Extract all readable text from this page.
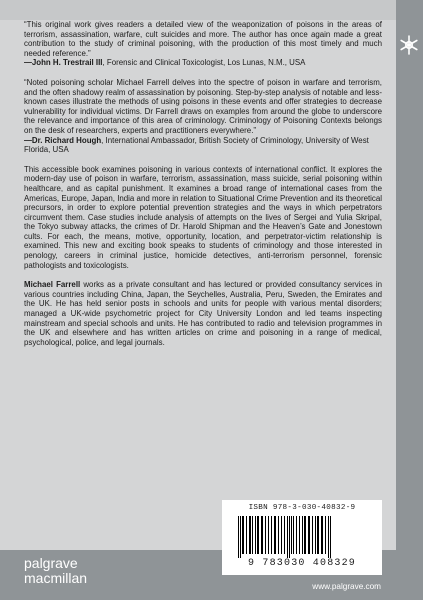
“This original work gives readers a detailed view of the weaponization of poisons in the areas of terrorism, assassination, warfare, cult suicides and more. The author has once again made a great contribution to the study of criminal poisoning, with the production of this most timely and much needed reference.”
—John H. Trestrail III, Forensic and Clinical Toxicologist, Los Lunas, N.M., USA

“Noted poisoning scholar Michael Farrell delves into the spectre of poison in warfare and terrorism, and the often shadowy realm of assassination by poisoning. Step-by-step analysis of notable and less-known cases illustrate the methods of using poisons in these events and offer strategies to decrease vulnerability for individual victims. Dr Farrell draws on examples from around the globe to underscore the relevance and importance of this area of criminology. Criminology of Poisoning Contexts belongs on the desk of researchers, experts and practitioners everywhere.”
—Dr. Richard Hough, International Ambassador, British Society of Criminology, University of West Florida, USA

This accessible book examines poisoning in various contexts of international conflict. It explores the modern-day use of poison in warfare, terrorism, assassination, mass suicide, serial poisoning within healthcare, and as capital punishment. It examines a broad range of international cases from the Americas, Europe, Japan, India and more in relation to Situational Crime Prevention and its theoretical precursors, in order to explore potential prevention strategies and the ways in which perpetrators circumvent them. Case studies include analysis of attempts on the lives of Sergei and Yulia Skripal, the Tokyo subway attacks, the crimes of Dr. Harold Shipman and the Heaven’s Gate and Jonestown cults. For each, the means, motive, opportunity, location, and perpetrator-victim relationship is examined. This new and exciting book speaks to students of criminology and those interested in penology, careers in criminal justice, homicide detectives, anti-terrorism personnel, forensic pathologists and toxicologists.

Michael Farrell works as a private consultant and has lectured or provided consultancy services in various countries including China, Japan, the Seychelles, Australia, Peru, Sweden, the Emirates and the UK. He has held senior posts in schools and units for people with various mental disorders; managed a UK-wide psychometric project for City University London and led teams inspecting mainstream and special schools and units. He has contributed to radio and television programmes in the UK and elsewhere and has written articles on crime and poisoning in a range of medical, psychological, police, and legal journals.

ISBN 978-3-030-40832-9
9 783030 408329
palgrave
macmillan
www.palgrave.com
